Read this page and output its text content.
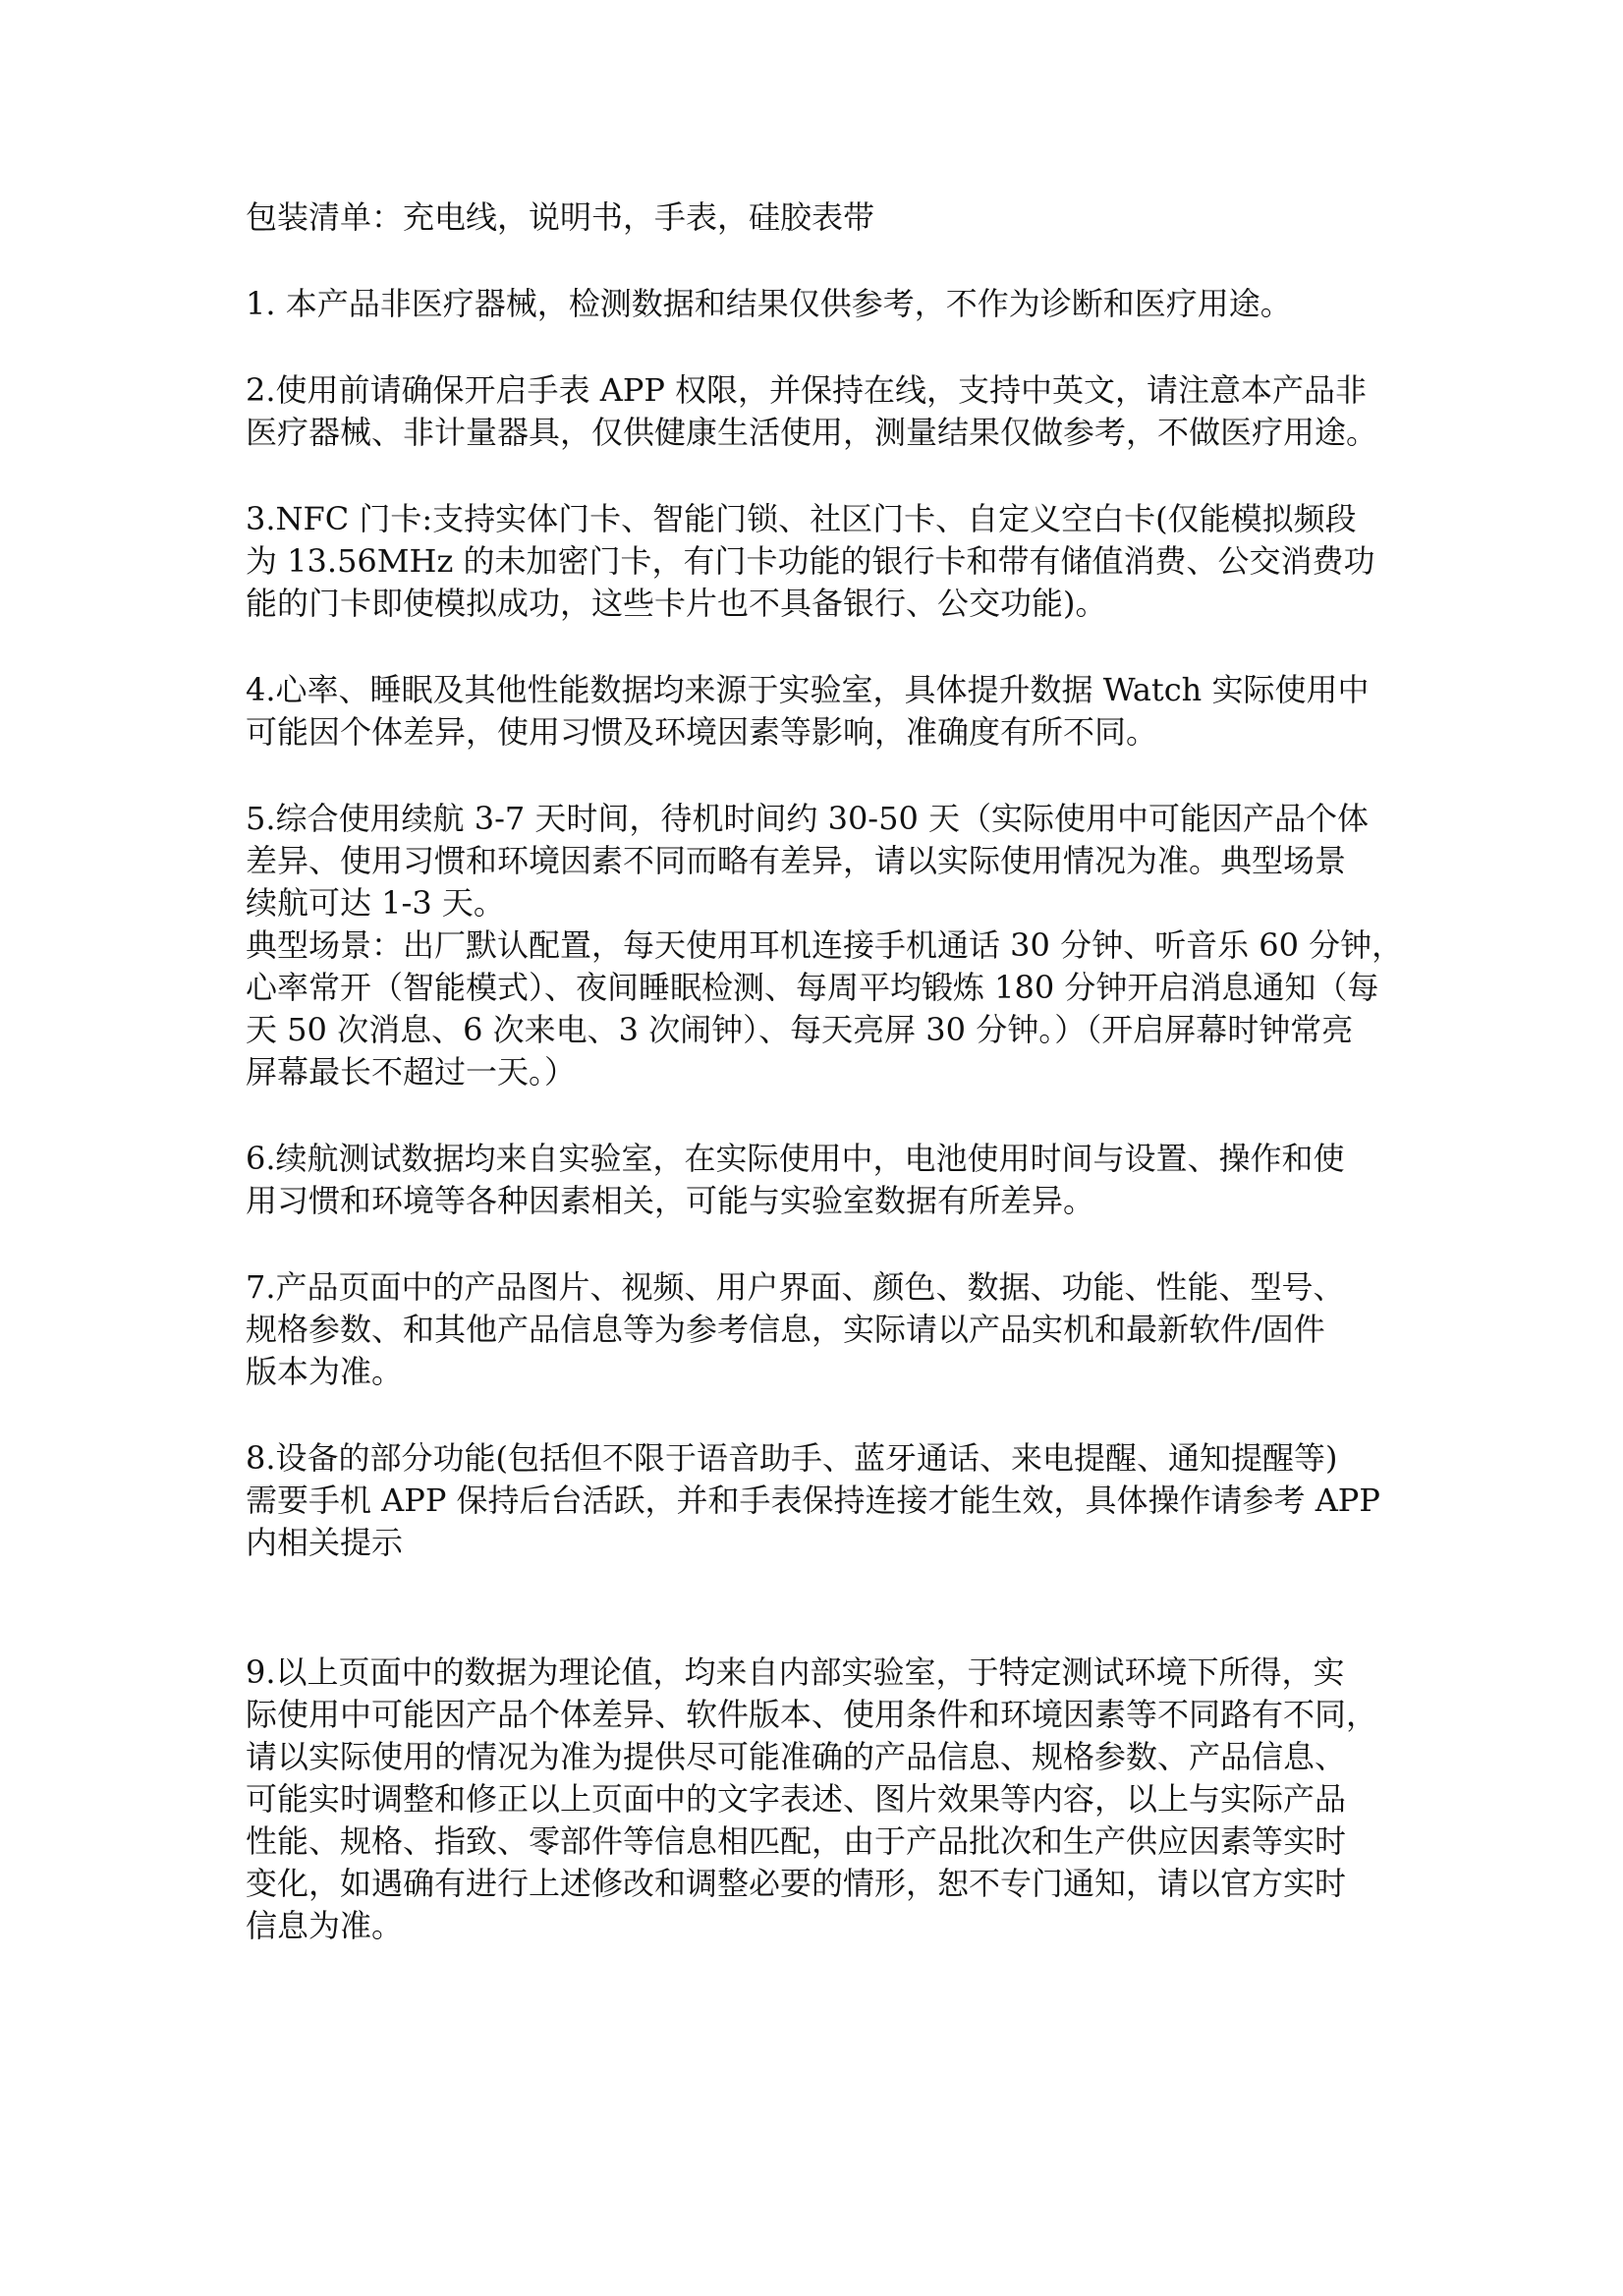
包装清单：充电线，说明书，手表，硅胶表带
1. 本产品非医疗器械，检测数据和结果仅供参考，不作为诊断和医疗用途。
2.使用前请确保开启手表 APP 权限，并保持在线，支持中英文，请注意本产品非
医疗器械、非计量器具，仅供健康生活使用，测量结果仅做参考，不做医疗用途。
3.NFC 门卡:支持实体门卡、智能门锁、社区门卡、自定义空白卡(仅能模拟频段
为 13.56MHz 的未加密门卡，有门卡功能的银行卡和带有储值消费、公交消费功
能的门卡即使模拟成功，这些卡片也不具备银行、公交功能)。
4.心率、睡眠及其他性能数据均来源于实验室，具体提升数据 Watch 实际使用中
可能因个体差异，使用习惯及环境因素等影响，准确度有所不同。
5.综合使用续航 3-7 天时间，待机时间约 30-50 天（实际使用中可能因产品个体
差异、使用习惯和环境因素不同而略有差异，请以实际使用情况为准。典型场景
续航可达 1-3 天。
典型场景：出厂默认配置，每天使用耳机连接手机通话 30 分钟、听音乐 60 分钟，
心率常开（智能模式）、夜间睡眠检测、每周平均锻炼 180 分钟开启消息通知（每
天 50 次消息、6 次来电、3 次闹钟）、每天亮屏 30 分钟。）（开启屏幕时钟常亮
屏幕最长不超过一天。）
6.续航测试数据均来自实验室，在实际使用中，电池使用时间与设置、操作和使
用习惯和环境等各种因素相关，可能与实验室数据有所差异。
7.产品页面中的产品图片、视频、用户界面、颜色、数据、功能、性能、型号、
规格参数、和其他产品信息等为参考信息，实际请以产品实机和最新软件/固件
版本为准。
8.设备的部分功能(包括但不限于语音助手、蓝牙通话、来电提醒、通知提醒等)
需要手机 APP 保持后台活跃，并和手表保持连接才能生效，具体操作请参考 APP
内相关提示
9.以上页面中的数据为理论值，均来自内部实验室，于特定测试环境下所得，实
际使用中可能因产品个体差异、软件版本、使用条件和环境因素等不同路有不同，
请以实际使用的情况为准为提供尽可能准确的产品信息、规格参数、产品信息、
可能实时调整和修正以上页面中的文字表述、图片效果等内容，以上与实际产品
性能、规格、指致、零部件等信息相匹配，由于产品批次和生产供应因素等实时
变化，如遇确有进行上述修改和调整必要的情形，恕不专门通知，请以官方实时
信息为准。
